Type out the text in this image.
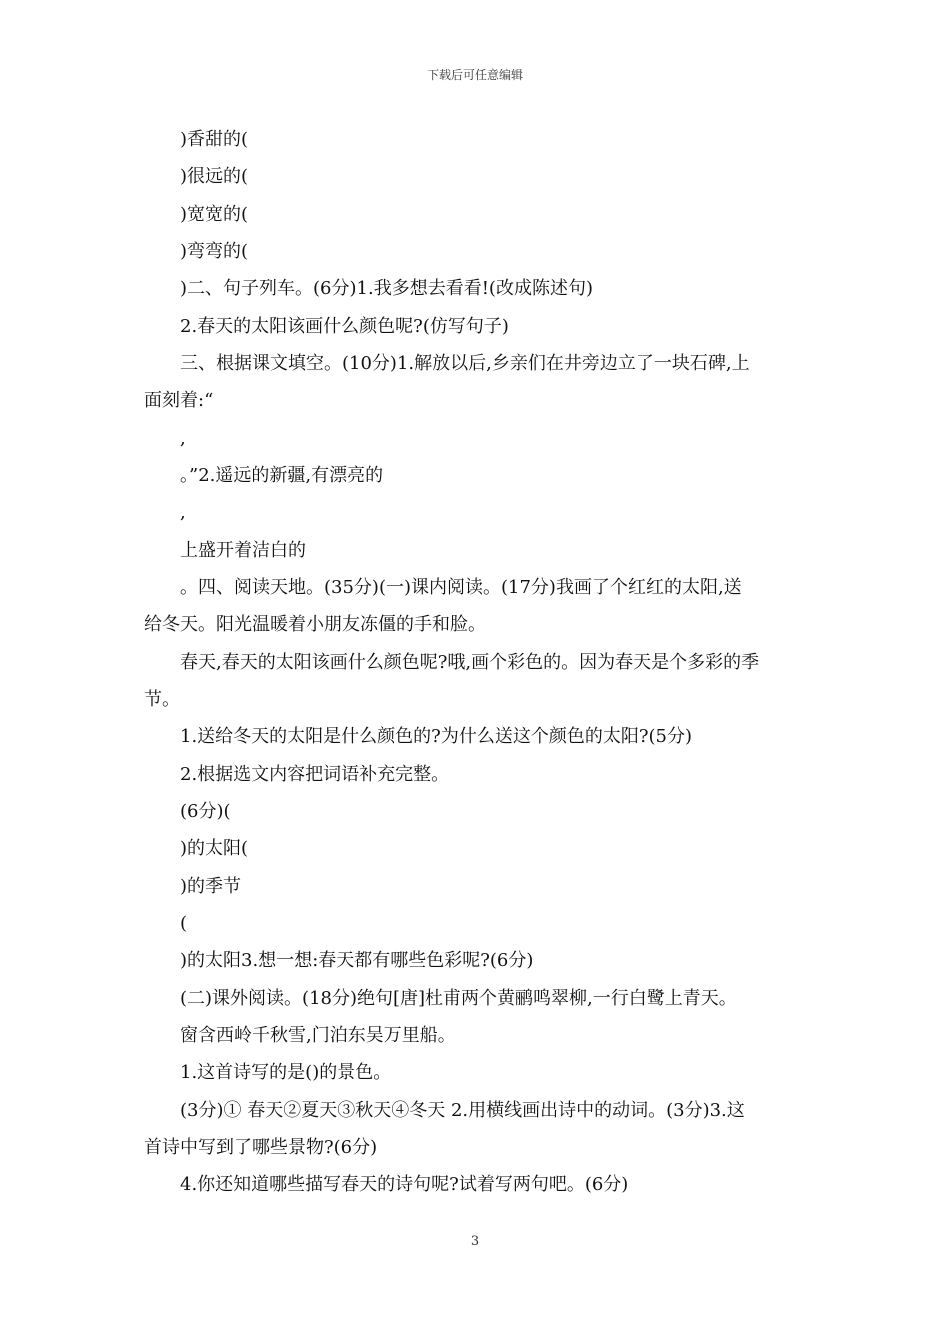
下载后可任意编辑
)香甜的(
)很远的(
)宽宽的(
)弯弯的(
)二、句子列车。(6分)1.我多想去看看!(改成陈述句)
2.春天的太阳该画什么颜色呢?(仿写句子)
三、根据课文填空。(10分)1.解放以后,乡亲们在井旁边立了一块石碑,上
面刻着:“
,
。”2.遥远的新疆,有漂亮的
,
上盛开着洁白的
。四、阅读天地。(35分)(一)课内阅读。(17分)我画了个红红的太阳,送
给冬天。阳光温暖着小朋友冻僵的手和脸。
春天,春天的太阳该画什么颜色呢?哦,画个彩色的。因为春天是个多彩的季
节。
1.送给冬天的太阳是什么颜色的?为什么送这个颜色的太阳?(5分)
2.根据选文内容把词语补充完整。
(6分)(
)的太阳(
)的季节
(
)的太阳3.想一想:春天都有哪些色彩呢?(6分)
(二)课外阅读。(18分)绝句[唐]杜甫两个黄鹂鸣翠柳,一行白鹭上青天。
窗含西岭千秋雪,门泊东吴万里船。
1.这首诗写的是()的景色。
(3分)① 春天②夏天③秋天④冬天 2.用横线画出诗中的动词。(3分)3.这
首诗中写到了哪些景物?(6分)
4.你还知道哪些描写春天的诗句呢?试着写两句吧。(6分)
3
